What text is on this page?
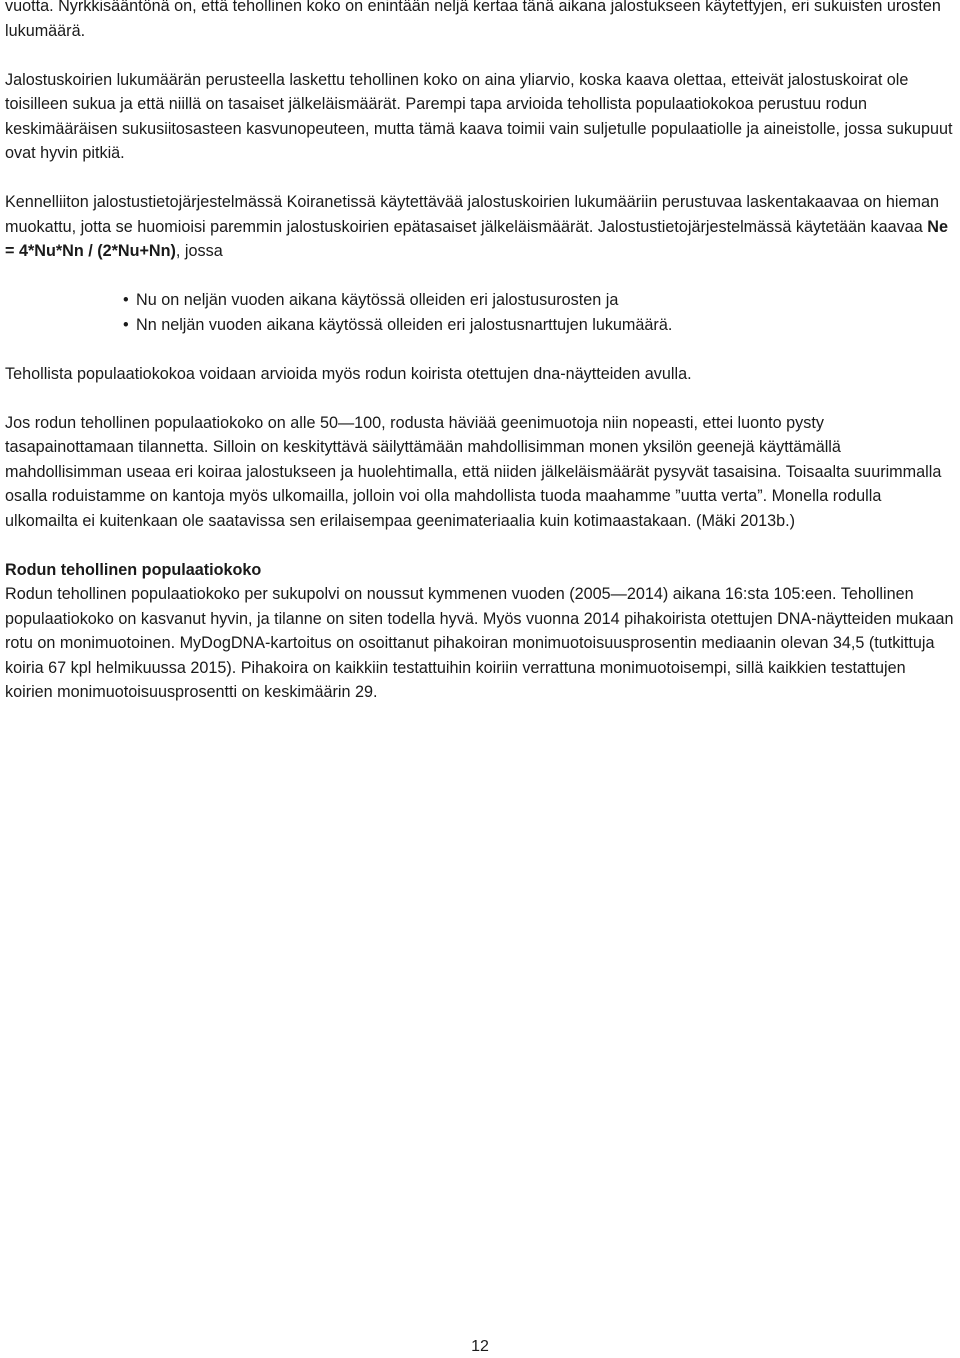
vuotta. Nyrkkisääntönä on, että tehollinen koko on enintään neljä kertaa tänä aikana jalostukseen käytettyjen, eri sukuisten urosten lukumäärä.

Jalostuskoirien lukumäärän perusteella laskettu tehollinen koko on aina yliarvio, koska kaava olettaa, etteivät jalostuskoirat ole toisilleen sukua ja että niillä on tasaiset jälkeläismäärät. Parempi tapa arvioida tehollista populaatiokokoa perustuu rodun keskimääräisen sukusiitosasteen kasvunopeuteen, mutta tämä kaava toimii vain suljetulle populaatiolle ja aineistolle, jossa sukupuut ovat hyvin pitkiä.

Kennelliiton jalostustietojärjestelmässä Koiranetissä käytettävää jalostuskoirien lukumääriin perustuvaa laskentakaavaa on hieman muokattu, jotta se huomioisi paremmin jalostuskoirien epätasaiset jälkeläismäärät. Jalostustietojärjestelmässä käytetään kaavaa Ne = 4*Nu*Nn / (2*Nu+Nn), jossa

• Nu on neljän vuoden aikana käytössä olleiden eri jalostusurosten ja
• Nn neljän vuoden aikana käytössä olleiden eri jalostusnarttujen lukumäärä.

Tehollista populaatiokokoa voidaan arvioida myös rodun koirista otettujen dna-näytteiden avulla.

Jos rodun tehollinen populaatiokoko on alle 50—100, rodusta häviää geenimuotoja niin nopeasti, ettei luonto pysty tasapainottamaan tilannetta. Silloin on keskityttävä säilyttämään mahdollisimman monen yksilön geenejä käyttämällä mahdollisimman useaa eri koiraa jalostukseen ja huolehtimalla, että niiden jälkeläismäärät pysyvät tasaisina. Toisaalta suurimmalla osalla roduistamme on kantoja myös ulkomailla, jolloin voi olla mahdollista tuoda maahamme ”uutta verta”. Monella rodulla ulkomailta ei kuitenkaan ole saatavissa sen erilaisempaa geenimateriaalia kuin kotimaastakaan. (Mäki 2013b.)

Rodun tehollinen populaatiokoko

Rodun tehollinen populaatiokoko per sukupolvi on noussut kymmenen vuoden (2005—2014) aikana 16:sta 105:een. Tehollinen populaatiokoko on kasvanut hyvin, ja tilanne on siten todella hyvä. Myös vuonna 2014 pihakoirista otettujen DNA-näytteiden mukaan rotu on monimuotoinen. MyDogDNA-kartoitus on osoittanut pihakoiran monimuotoisuusprosentin mediaanin olevan 34,5 (tutkittuja koiria 67 kpl helmikuussa 2015). Pihakoira on kaikkiin testattuihin koiriin verrattuna monimuotoisempi, sillä kaikkien testattujen koirien monimuotoisuusprosentti on keskimäärin 29.

12
